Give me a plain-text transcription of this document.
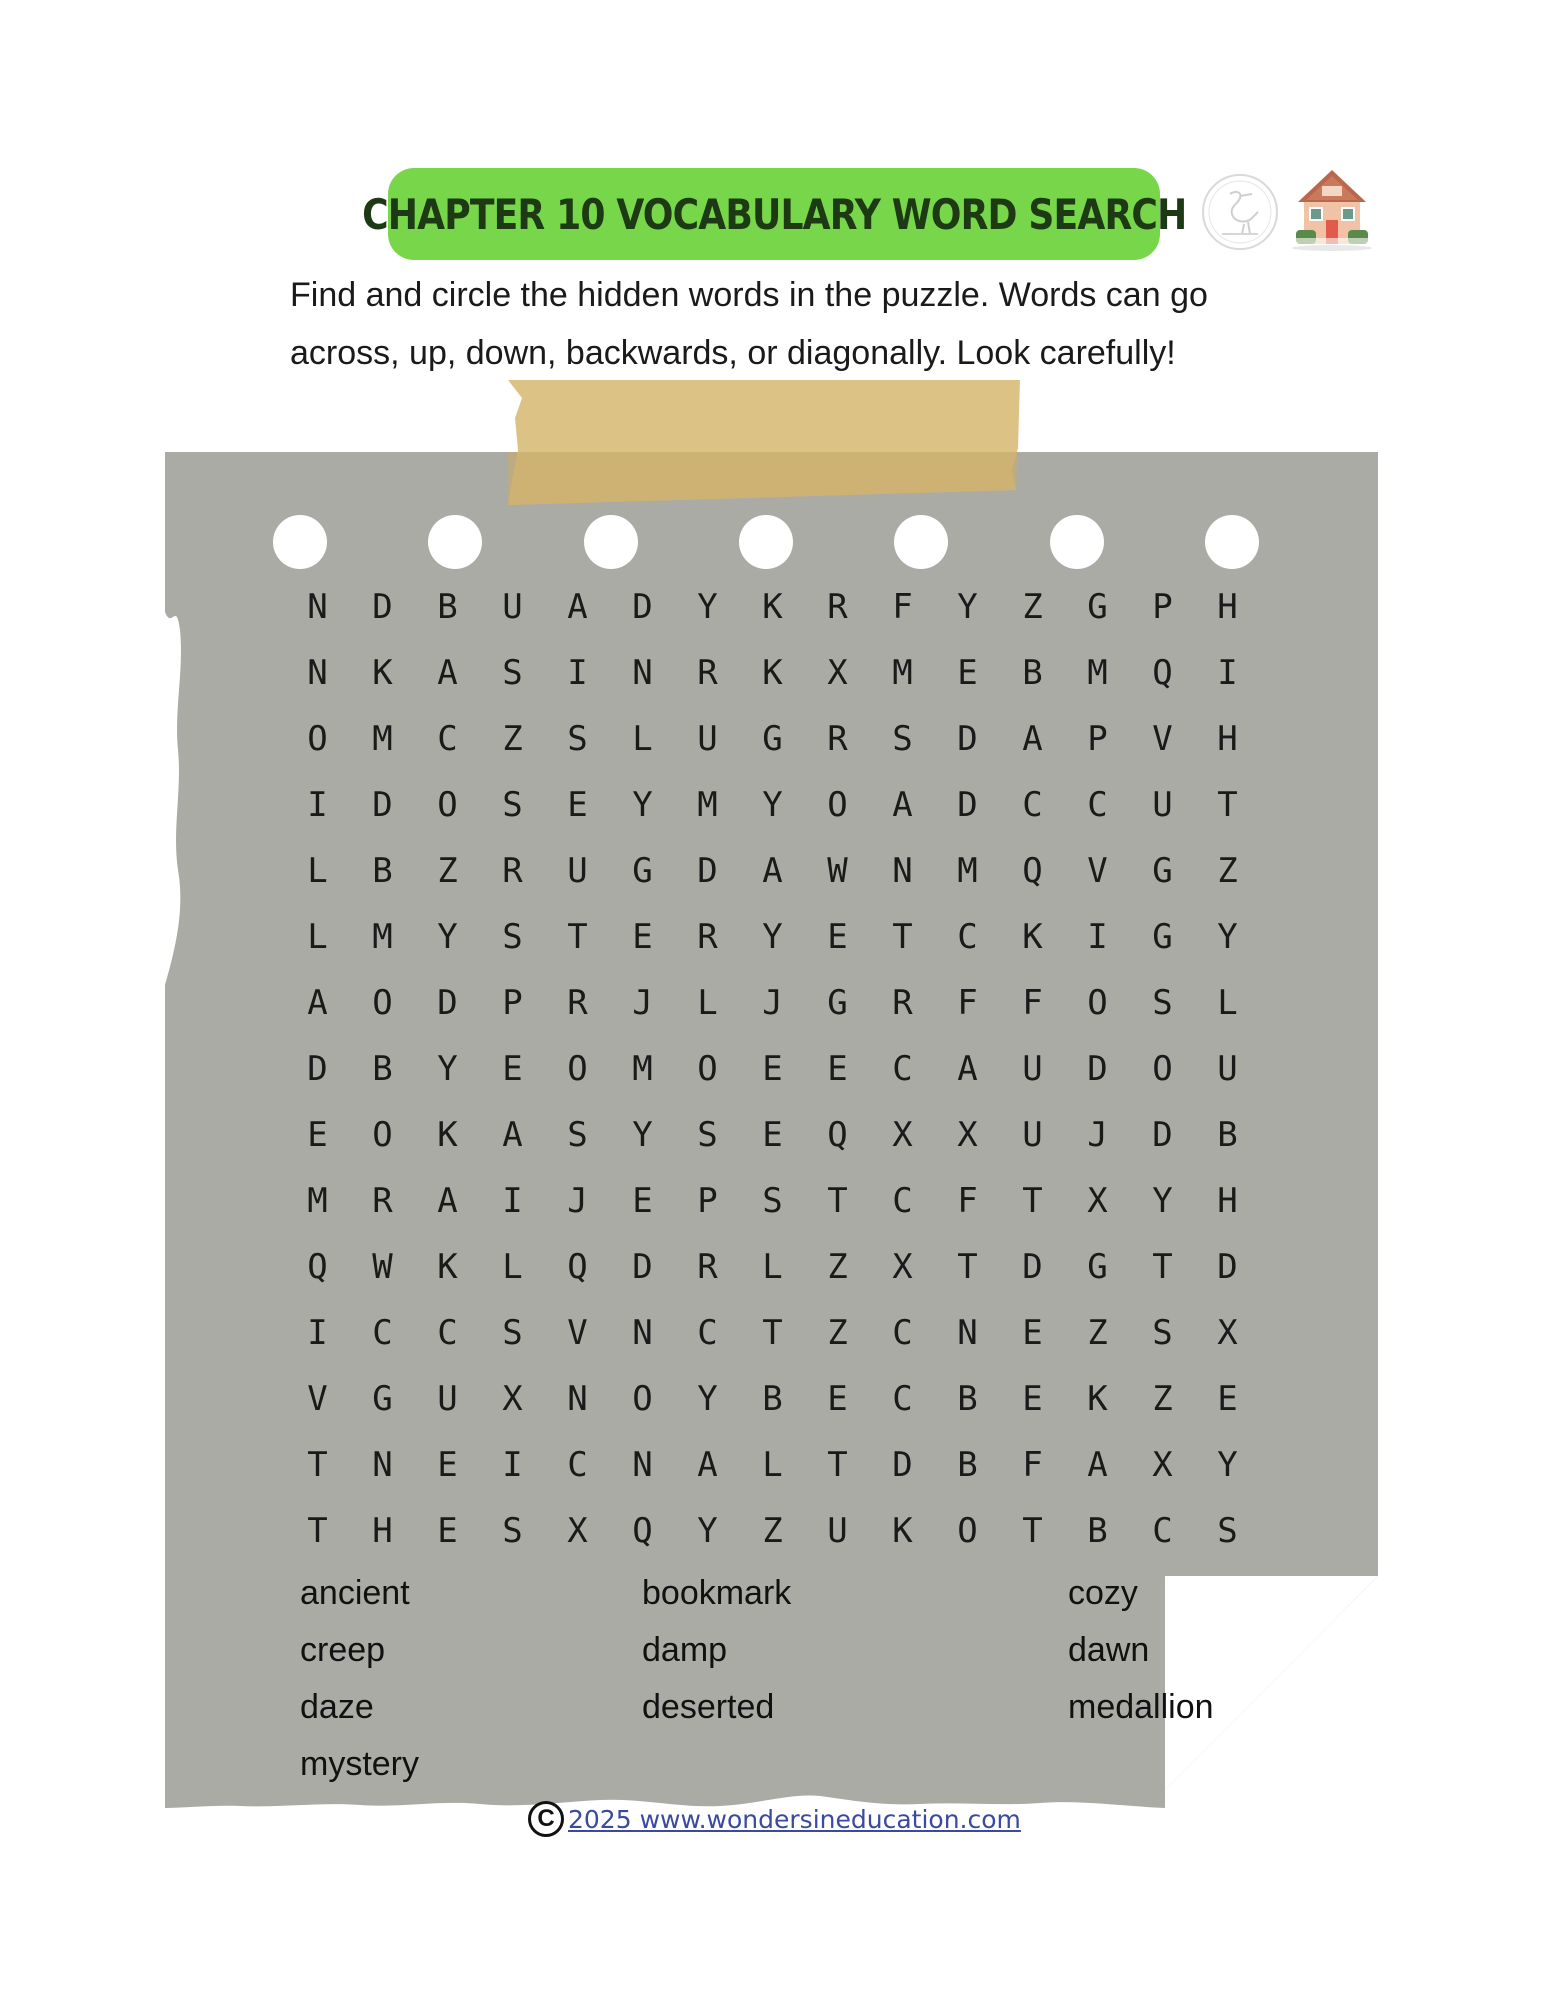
CHAPTER 10 VOCABULARY WORD SEARCH
Find and circle the hidden words in the puzzle. Words can go across, up, down, backwards, or diagonally. Look carefully!
N	D	B	U	A	D	Y	K	R	F	Y	Z	G	P	H
N	K	A	S	I	N	R	K	X	M	E	B	M	Q	I
O	M	C	Z	S	L	U	G	R	S	D	A	P	V	H
I	D	O	S	E	Y	M	Y	O	A	D	C	C	U	T
L	B	Z	R	U	G	D	A	W	N	M	Q	V	G	Z
L	M	Y	S	T	E	R	Y	E	T	C	K	I	G	Y
A	O	D	P	R	J	L	J	G	R	F	F	O	S	L
D	B	Y	E	O	M	O	E	E	C	A	U	D	O	U
E	O	K	A	S	Y	S	E	Q	X	X	U	J	D	B
M	R	A	I	J	E	P	S	T	C	F	T	X	Y	H
Q	W	K	L	Q	D	R	L	Z	X	T	D	G	T	D
I	C	C	S	V	N	C	T	Z	C	N	E	Z	S	X
V	G	U	X	N	O	Y	B	E	C	B	E	K	Z	E
T	N	E	I	C	N	A	L	T	D	B	F	A	X	Y
T	H	E	S	X	Q	Y	Z	U	K	O	T	B	C	S
ancient	bookmark	cozy
creep	damp	dawn
daze	deserted	medallion
mystery
C 2025 www.wondersineducation.com
